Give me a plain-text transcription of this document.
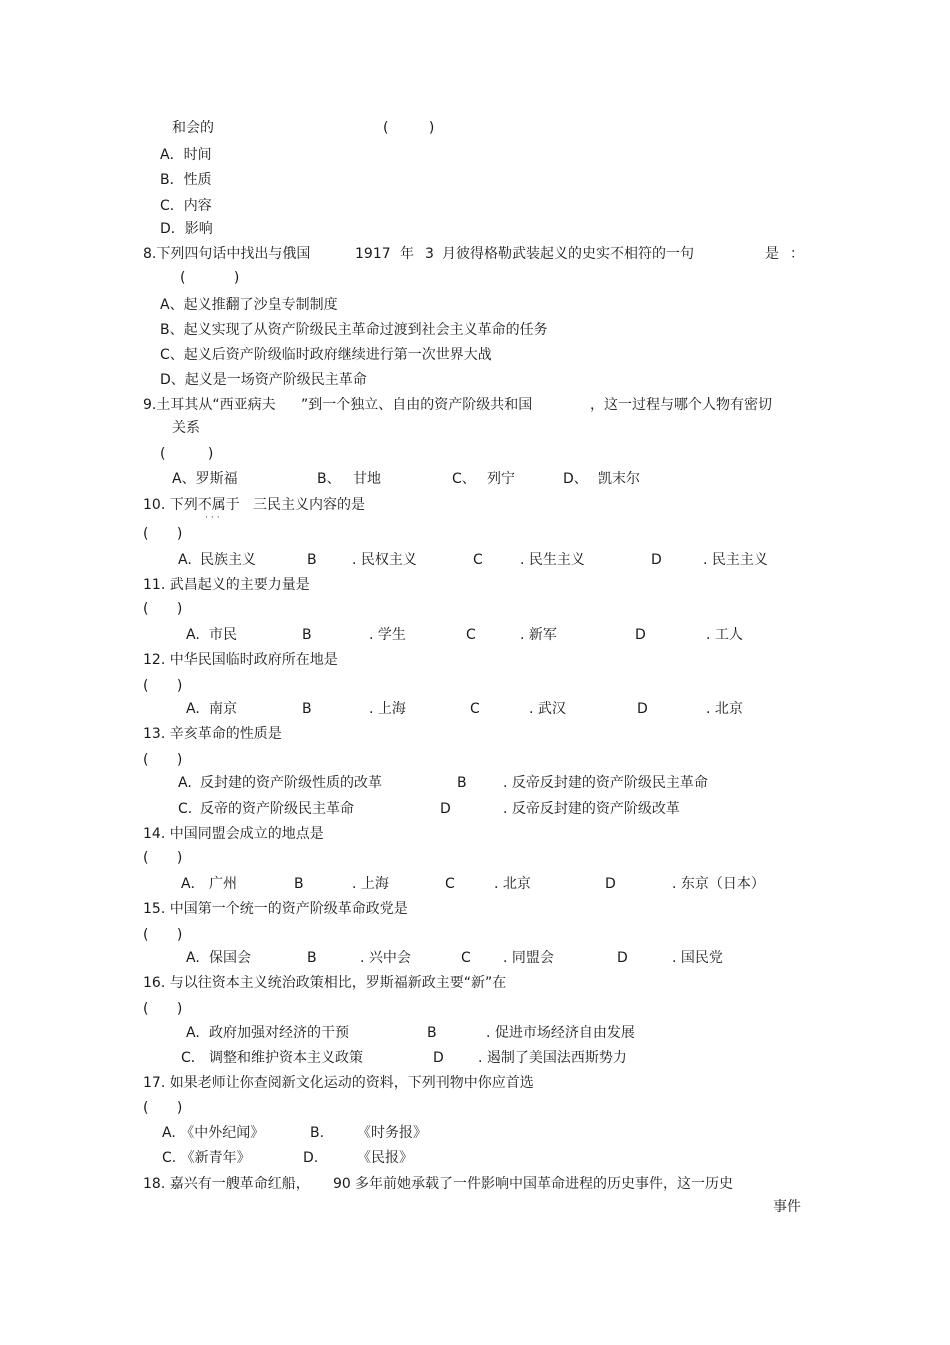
和会的	( )
A．时间
B．性质
C．内容
D．影响
8.下列四句话中找出与俄国	1917 年 3 月彼得格勒武装起义的史实不相符的一句	是 ：
( )
A、起义推翻了沙皇专制制度
B、起义实现了从资产阶级民主革命过渡到社会主义革命的任务
C、起义后资产阶级临时政府继续进行第一次世界大战
D、起义是一场资产阶级民主革命
9.土耳其从“西亚病夫 ”到一个独立、自由的资产阶级共和国	，这一过程与哪个人物有密切
关系
( )
A、罗斯福	B、 甘地	C、 列宁	D、 凯末尔
10. 下列不属于 三民主义内容的是
···
( )
A. 民族主义	B	. 民权主义	C	. 民生主义	D	. 民主主义
11. 武昌起义的主要力量是
( )
A. 市民	B	. 学生	C	. 新军	D	. 工人
12. 中华民国临时政府所在地是
( )
A. 南京	B	. 上海	C	. 武汉	D	. 北京
13. 辛亥革命的性质是
( )
A. 反封建的资产阶级性质的改革	B	. 反帝反封建的资产阶级民主革命
C. 反帝的资产阶级民主革命	D	. 反帝反封建的资产阶级改革
14. 中国同盟会成立的地点是
( )
A． 广州	B	. 上海	C	. 北京	D	. 东京（日本）
15. 中国第一个统一的资产阶级革命政党是
( )
A. 保国会	B	. 兴中会	C . 同盟会	D	. 国民党
16. 与以往资本主义统治政策相比，罗斯福新政主要“新”在
( )
A. 政府加强对经济的干预	B	. 促进市场经济自由发展
C． 调整和维护资本主义政策	D . 遏制了美国法西斯势力
17. 如果老师让你查阅新文化运动的资料，下列刊物中你应首选
( )
A. 《中外纪闻》	B. 《时务报》
C. 《新青年》	D.	《民报》
18. 嘉兴有一艘革命红船， 90 多年前她承载了一件影响中国革命进程的历史事件，这一历史
事件
